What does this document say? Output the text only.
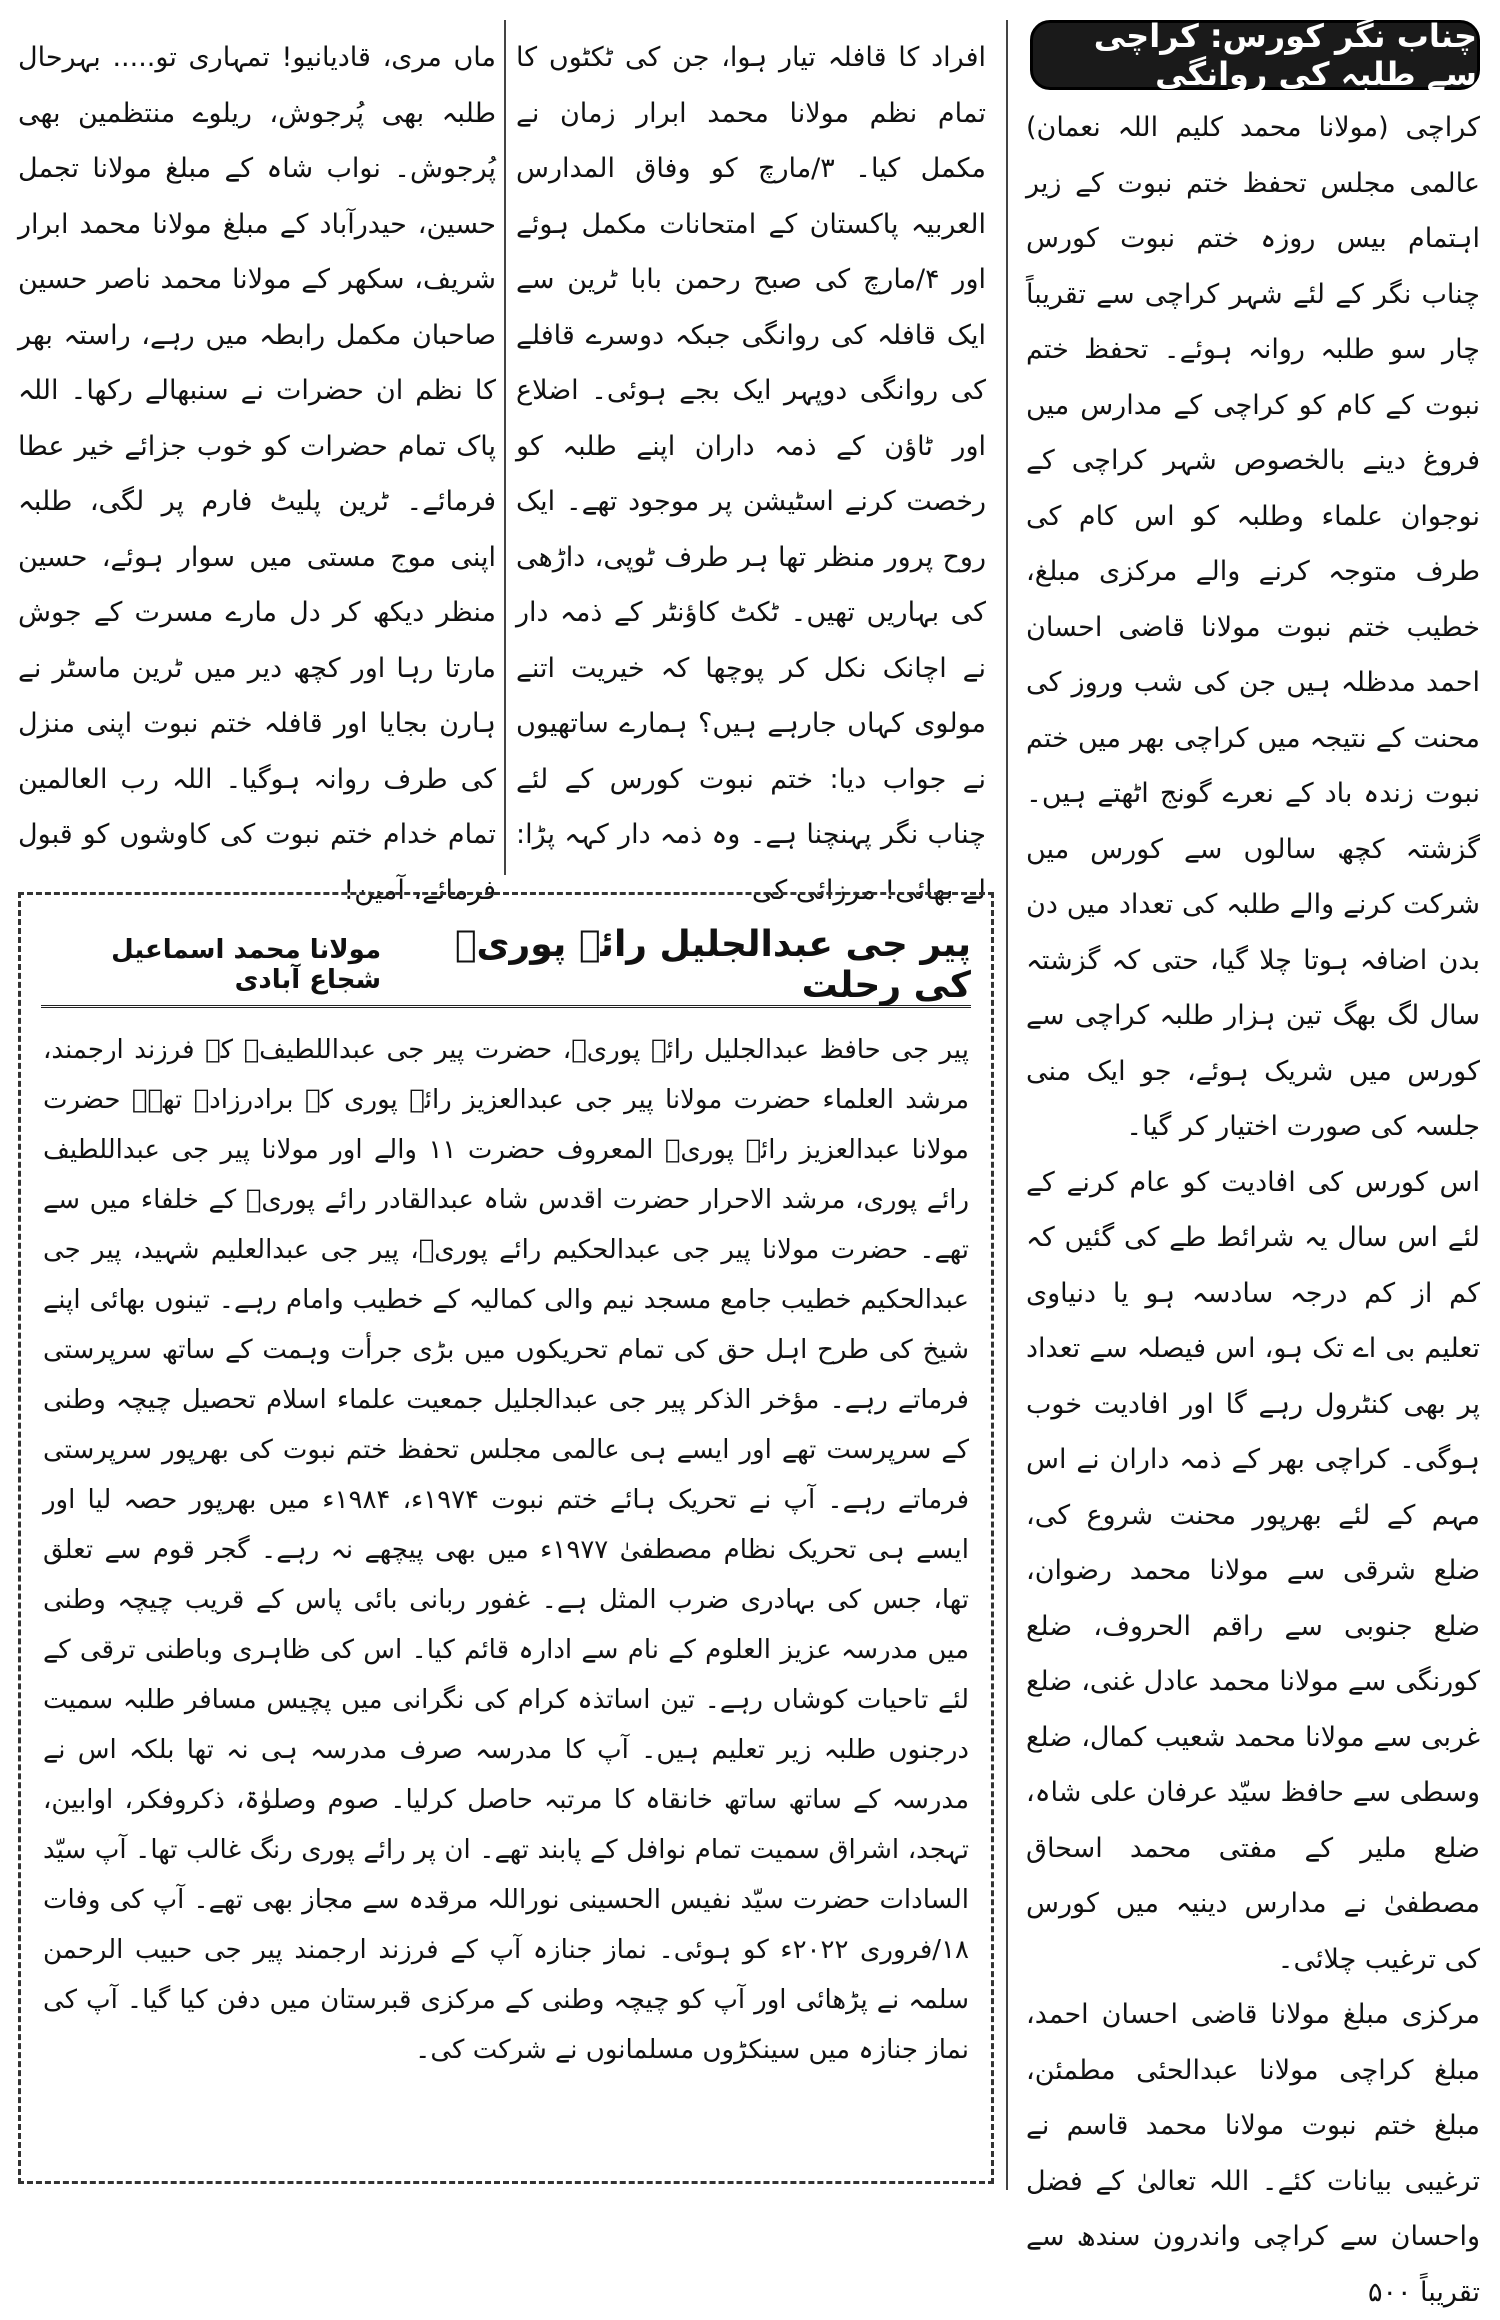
چناب نگر کورس: کراچی سے طلبہ کی روانگی

کراچی (مولانا محمد کلیم اللہ نعمان) عالمی مجلس تحفظ ختم نبوت کے زیر اہتمام بیس روزہ ختم نبوت کورس چناب نگر کے لئے شہر کراچی سے تقریباً چار سو طلبہ روانہ ہوئے۔ تحفظ ختم نبوت کے کام کو کراچی کے مدارس میں فروغ دینے بالخصوص شہر کراچی کے نوجوان علماء وطلبہ کو اس کام کی طرف متوجہ کرنے والے مرکزی مبلغ، خطیب ختم نبوت مولانا قاضی احسان احمد مدظلہ ہیں جن کی شب وروز کی محنت کے نتیجہ میں کراچی بھر میں ختم نبوت زندہ باد کے نعرے گونج اٹھتے ہیں۔ گزشتہ کچھ سالوں سے کورس میں شرکت کرنے والے طلبہ کی تعداد میں دن بدن اضافہ ہوتا چلا گیا، حتی کہ گزشتہ سال لگ بھگ تین ہزار طلبہ کراچی سے کورس میں شریک ہوئے، جو ایک منی جلسہ کی صورت اختیار کر گیا۔

اس کورس کی افادیت کو عام کرنے کے لئے اس سال یہ شرائط طے کی گئیں کہ کم از کم درجہ سادسہ ہو یا دنیاوی تعلیم بی اے تک ہو، اس فیصلہ سے تعداد پر بھی کنٹرول رہے گا اور افادیت خوب ہوگی۔ کراچی بھر کے ذمہ داران نے اس مہم کے لئے بھرپور محنت شروع کی، ضلع شرقی سے مولانا محمد رضوان، ضلع جنوبی سے راقم الحروف، ضلع کورنگی سے مولانا محمد عادل غنی، ضلع غربی سے مولانا محمد شعیب کمال، ضلع وسطی سے حافظ سیّد عرفان علی شاہ، ضلع ملیر کے مفتی محمد اسحاق مصطفیٰ نے مدارس دینیہ میں کورس کی ترغیب چلائی۔

مرکزی مبلغ مولانا قاضی احسان احمد، مبلغ کراچی مولانا عبدالحئی مطمئن، مبلغ ختم نبوت مولانا محمد قاسم نے ترغیبی بیانات کئے۔ اللہ تعالیٰ کے فضل واحسان سے کراچی واندرون سندھ سے تقریباً ۵۰۰

افراد کا قافلہ تیار ہوا، جن کی ٹکٹوں کا تمام نظم مولانا محمد ابرار زمان نے مکمل کیا۔ ۳/مارچ کو وفاق المدارس العربیہ پاکستان کے امتحانات مکمل ہوئے اور ۴/مارچ کی صبح رحمن بابا ٹرین سے ایک قافلہ کی روانگی جبکہ دوسرے قافلے کی روانگی دوپہر ایک بجے ہوئی۔ اضلاع اور ٹاؤن کے ذمہ داران اپنے طلبہ کو رخصت کرنے اسٹیشن پر موجود تھے۔ ایک روح پرور منظر تھا ہر طرف ٹوپی، داڑھی کی بہاریں تھیں۔ ٹکٹ کاؤنٹر کے ذمہ دار نے اچانک نکل کر پوچھا کہ خیریت اتنے مولوی کہاں جارہے ہیں؟ ہمارے ساتھیوں نے جواب دیا: ختم نبوت کورس کے لئے چناب نگر پہنچنا ہے۔ وہ ذمہ دار کہہ پڑا: لے بھائی! مرزائی کی

ماں مری، قادیانیو! تمہاری تو..... بہرحال طلبہ بھی پُرجوش، ریلوے منتظمین بھی پُرجوش۔ نواب شاہ کے مبلغ مولانا تجمل حسین، حیدرآباد کے مبلغ مولانا محمد ابرار شریف، سکھر کے مولانا محمد ناصر حسین صاحبان مکمل رابطہ میں رہے، راستہ بھر کا نظم ان حضرات نے سنبھالے رکھا۔ اللہ پاک تمام حضرات کو خوب جزائے خیر عطا فرمائے۔ ٹرین پلیٹ فارم پر لگی، طلبہ اپنی موج مستی میں سوار ہوئے، حسین منظر دیکھ کر دل مارے مسرت کے جوش مارتا رہا اور کچھ دیر میں ٹرین ماسٹر نے ہارن بجایا اور قافلہ ختم نبوت اپنی منزل کی طرف روانہ ہوگیا۔ اللہ رب العالمین تمام خدام ختم نبوت کی کاوشوں کو قبول فرمائے، آمین!

پیر جی عبدالجلیل رائے پوریؒ کی رحلت
مولانا محمد اسماعیل شجاع آبادی
پیر جی حافظ عبدالجلیل رائے پوریؒ، حضرت پیر جی عبداللطیفؒ کے فرزند ارجمند، مرشد العلماء حضرت مولانا پیر جی عبدالعزیز رائے پوری کے برادرزادہ تھے۔ حضرت مولانا عبدالعزیز رائے پوریؒ المعروف حضرت ۱۱ والے اور مولانا پیر جی عبداللطیف رائے پوری، مرشد الاحرار حضرت اقدس شاہ عبدالقادر رائے پوریؒ کے خلفاء میں سے تھے۔ حضرت مولانا پیر جی عبدالحکیم رائے پوریؒ، پیر جی عبدالعلیم شہید، پیر جی عبدالحکیم خطیب جامع مسجد نیم والی کمالیہ کے خطیب وامام رہے۔ تینوں بھائی اپنے شیخ کی طرح اہل حق کی تمام تحریکوں میں بڑی جرأت وہمت کے ساتھ سرپرستی فرماتے رہے۔ مؤخر الذکر پیر جی عبدالجلیل جمعیت علماء اسلام تحصیل چیچہ وطنی کے سرپرست تھے اور ایسے ہی عالمی مجلس تحفظ ختم نبوت کی بھرپور سرپرستی فرماتے رہے۔ آپ نے تحریک ہائے ختم نبوت ۱۹۷۴ء، ۱۹۸۴ء میں بھرپور حصہ لیا اور ایسے ہی تحریک نظام مصطفیٰ ۱۹۷۷ء میں بھی پیچھے نہ رہے۔ گجر قوم سے تعلق تھا، جس کی بہادری ضرب المثل ہے۔ غفور ربانی بائی پاس کے قریب چیچہ وطنی میں مدرسہ عزیز العلوم کے نام سے ادارہ قائم کیا۔ اس کی ظاہری وباطنی ترقی کے لئے تاحیات کوشاں رہے۔ تین اساتذہ کرام کی نگرانی میں پچیس مسافر طلبہ سمیت درجنوں طلبہ زیر تعلیم ہیں۔ آپ کا مدرسہ صرف مدرسہ ہی نہ تھا بلکہ اس نے مدرسہ کے ساتھ ساتھ خانقاہ کا مرتبہ حاصل کرلیا۔ صوم وصلوٰۃ، ذکروفکر، اوابین، تہجد، اشراق سمیت تمام نوافل کے پابند تھے۔ ان پر رائے پوری رنگ غالب تھا۔ آپ سیّد السادات حضرت سیّد نفیس الحسینی نوراللہ مرقدہ سے مجاز بھی تھے۔ آپ کی وفات ۱۸/فروری ۲۰۲۲ء کو ہوئی۔ نماز جنازہ آپ کے فرزند ارجمند پیر جی حبیب الرحمن سلمہ نے پڑھائی اور آپ کو چیچہ وطنی کے مرکزی قبرستان میں دفن کیا گیا۔ آپ کی نماز جنازہ میں سینکڑوں مسلمانوں نے شرکت کی۔
